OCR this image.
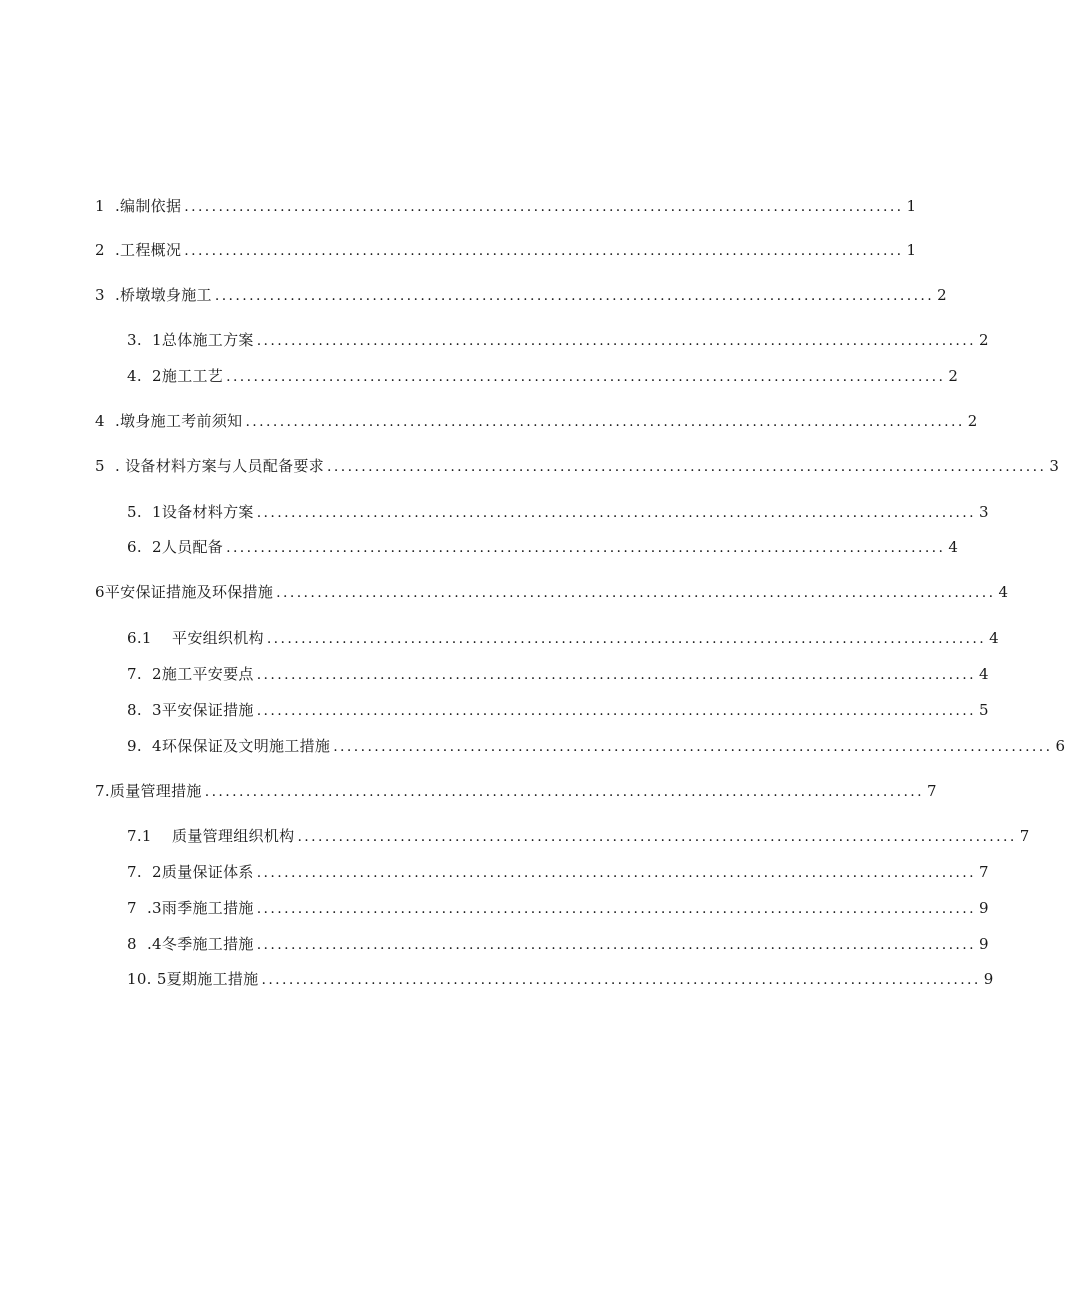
1  .编制依据 ......................................................................................................... 1
2  .工程概况 ......................................................................................................... 1
3  .桥墩墩身施工 ......................................................................................................... 2
3.  1总体施工方案 ......................................................................................................... 2
4.  2施工工艺 ......................................................................................................... 2
4  .墩身施工考前须知 ......................................................................................................... 2
5  . 设备材料方案与人员配备要求 ......................................................................................................... 3
5.  1设备材料方案 ......................................................................................................... 3
6.  2人员配备 ......................................................................................................... 4
6平安保证措施及环保措施 ......................................................................................................... 4
6.1    平安组织机构 ......................................................................................................... 4
7.  2施工平安要点 ......................................................................................................... 4
8.  3平安保证措施 ......................................................................................................... 5
9.  4环保保证及文明施工措施 ......................................................................................................... 6
7.质量管理措施 ......................................................................................................... 7
7.1    质量管理组织机构 ......................................................................................................... 7
7.  2质量保证体系 ......................................................................................................... 7
7  .3雨季施工措施 ......................................................................................................... 9
8  .4冬季施工措施 ......................................................................................................... 9
10. 5夏期施工措施 ......................................................................................................... 9
